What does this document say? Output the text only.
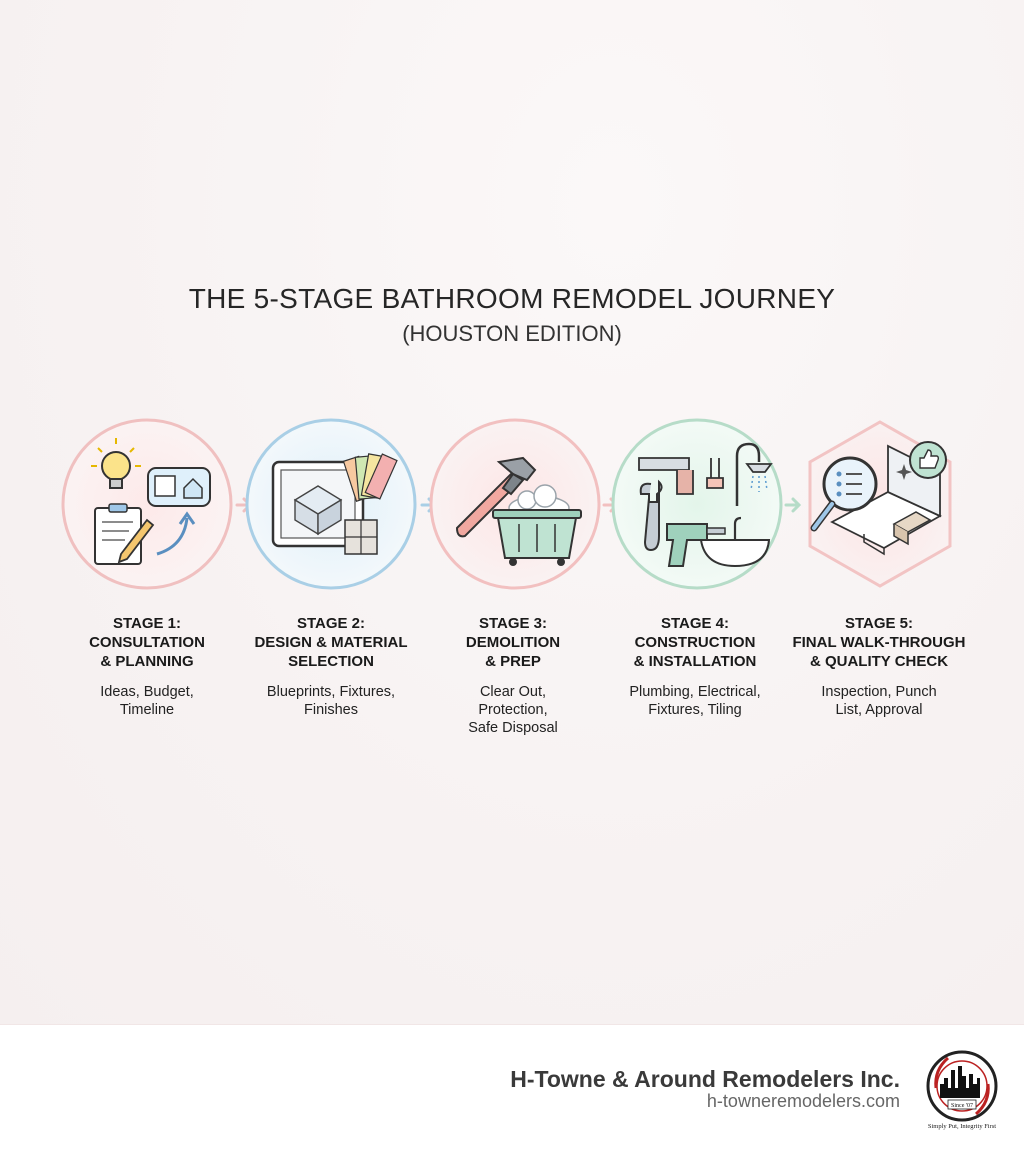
THE 5-STAGE BATHROOM REMODEL JOURNEY
(HOUSTON EDITION)
STAGE 1:
CONSULTATION
& PLANNING
Ideas, Budget,
Timeline
STAGE 2:
DESIGN & MATERIAL
SELECTION
Blueprints, Fixtures,
Finishes
STAGE 3:
DEMOLITION
& PREP
Clear Out,
Protection,
Safe Disposal
STAGE 4:
CONSTRUCTION
& INSTALLATION
Plumbing, Electrical,
Fixtures, Tiling
STAGE 5:
FINAL WALK-THROUGH
& QUALITY CHECK
Inspection, Punch
List, Approval
H-Towne & Around Remodelers Inc.
h-towneremodelers.com	Since '07
Simply Put, Integrity First
